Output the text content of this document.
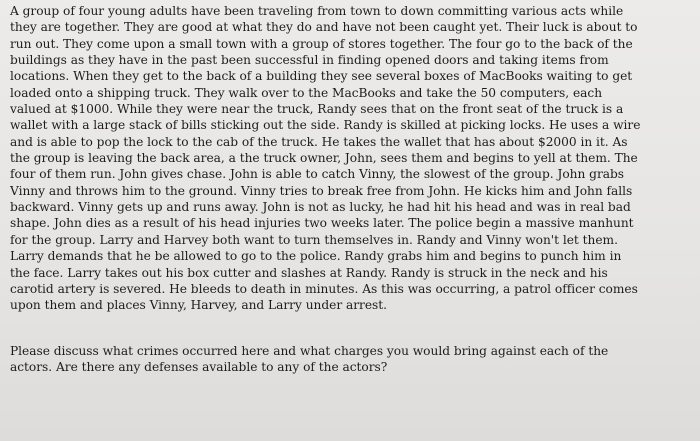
A group of four young adults have been traveling from town to down committing various acts while
they are together. They are good at what they do and have not been caught yet. Their luck is about to
run out. They come upon a small town with a group of stores together. The four go to the back of the
buildings as they have in the past been successful in finding opened doors and taking items from
locations. When they get to the back of a building they see several boxes of MacBooks waiting to get
loaded onto a shipping truck. They walk over to the MacBooks and take the 50 computers, each
valued at $1000. While they were near the truck, Randy sees that on the front seat of the truck is a
wallet with a large stack of bills sticking out the side. Randy is skilled at picking locks. He uses a wire
and is able to pop the lock to the cab of the truck. He takes the wallet that has about $2000 in it. As
the group is leaving the back area, a the truck owner, John, sees them and begins to yell at them. The
four of them run. John gives chase. John is able to catch Vinny, the slowest of the group. John grabs
Vinny and throws him to the ground. Vinny tries to break free from John. He kicks him and John falls
backward. Vinny gets up and runs away. John is not as lucky, he had hit his head and was in real bad
shape. John dies as a result of his head injuries two weeks later. The police begin a massive manhunt
for the group. Larry and Harvey both want to turn themselves in. Randy and Vinny won't let them.
Larry demands that he be allowed to go to the police. Randy grabs him and begins to punch him in
the face. Larry takes out his box cutter and slashes at Randy. Randy is struck in the neck and his
carotid artery is severed. He bleeds to death in minutes. As this was occurring, a patrol officer comes
upon them and places Vinny, Harvey, and Larry under arrest.

Please discuss what crimes occurred here and what charges you would bring against each of the
actors. Are there any defenses available to any of the actors?
